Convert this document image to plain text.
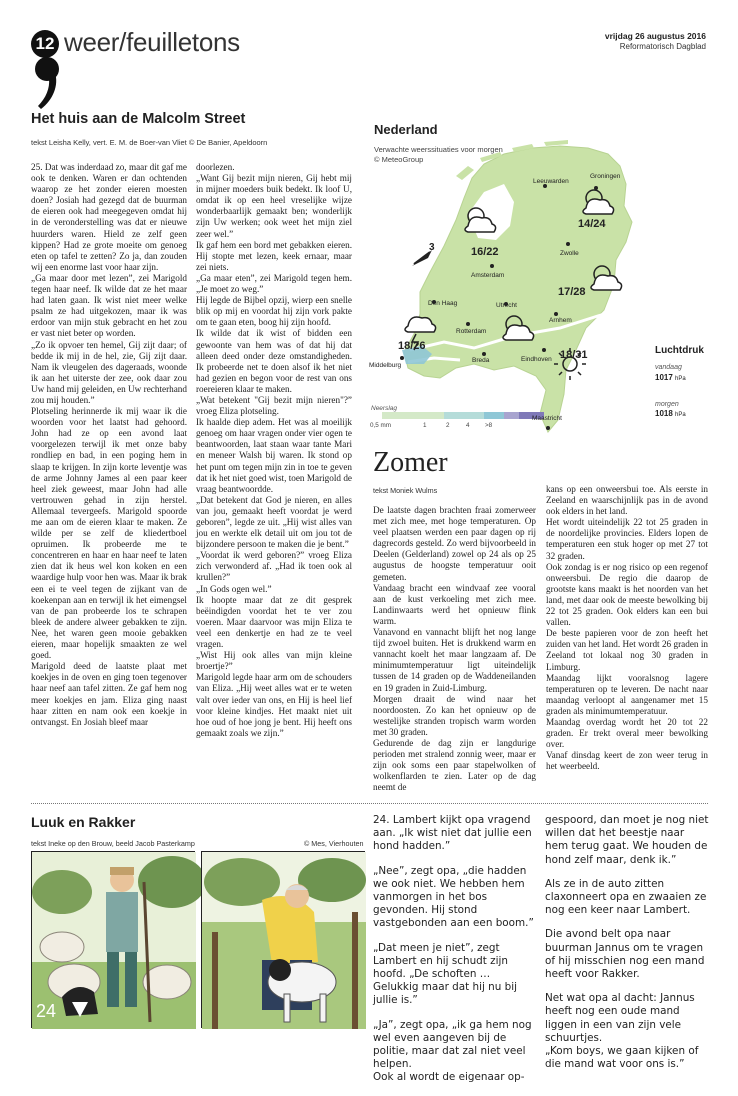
12 weer/feuilletons	vrijdag 26 augustus 2016
Reformatorisch Dagblad
Het huis aan de Malcolm Street
tekst Leisha Kelly, vert. E. M. de Boer-van Vliet © De Banier, Apeldoorn

25. Dat was inderdaad zo, maar dit gaf me ook te denken. Waren er dan ochtenden waarop ze het zonder eieren moesten doen? Josiah had gezegd dat de buurman de eieren ook had meegegeven omdat hij in de veronderstelling was dat er nieuwe huurders waren. Hield ze zelf geen kippen? Had ze grote moeite om genoeg eten op tafel te zetten? Zo ja, dan zouden wij een enorme last voor haar zijn.

„Ga maar door met lezen”, zei Marigold tegen haar neef. Ik wilde dat ze het maar had laten gaan. Ik wist niet meer welke psalm ze had uitgekozen, maar ik was erdoor van mijn stuk gebracht en het zou er vast niet beter op worden.

„Zo ik opvoer ten hemel, Gij zijt daar; of bedde ik mij in de hel, zie, Gij zijt daar. Nam ik vleugelen des dageraads, woonde ik aan het uiterste der zee, ook daar zou Uw hand mij geleiden, en Uw rechterhand zou mij houden.”

Plotseling herinnerde ik mij waar ik die woorden voor het laatst had gehoord. John had ze op een avond laat voorgelezen terwijl ik met onze baby rondliep en bad, in een poging hem in slaap te krijgen. In zijn korte leventje was de arme Johnny James al een paar keer heel ziek geweest, maar John had alle vertrouwen gehad in zijn herstel. Allemaal tevergeefs. Marigold spoorde me aan om de eieren klaar te maken. Ze wilde per se zelf de kliedertboel opruimen. Ik probeerde me te concentreren en haar en haar neef te laten zien dat ik heus wel kon koken en een waardige hulp voor hen was. Maar ik brak een ei te veel tegen de zijkant van de koekenpan aan en terwijl ik het eimengsel van de pan probeerde los te schrapen bleek de andere alweer gebakken te zijn. Nee, het waren geen mooie gebakken eieren, maar hopelijk smaakten ze wel goed.

Marigold deed de laatste plaat met koekjes in de oven en ging toen tegenover haar neef aan tafel zitten. Ze gaf hem nog meer koekjes en jam. Eliza ging naast haar zitten en nam ook een koekje in ontvangst. En Josiah bleef maar

doorlezen.

„Want Gij bezit mijn nieren, Gij hebt mij in mijner moeders buik bedekt. Ik loof U, omdat ik op een heel vreselijke wijze wonderbaarlijk gemaakt ben; wonderlijk zijn Uw werken; ook weet het mijn ziel zeer wel.”

Ik gaf hem een bord met gebakken eieren. Hij stopte met lezen, keek ernaar, maar zei niets.

„Ga maar eten”, zei Marigold tegen hem. „Je moet zo weg.”

Hij legde de Bijbel opzij, wierp een snelle blik op mij en voordat hij zijn vork pakte om te gaan eten, boog hij zijn hoofd.

Ik wilde dat ik wist of bidden een gewoonte van hem was of dat hij dat alleen deed onder deze omstandigheden. Ik probeerde net te doen alsof ik het niet had gezien en begon voor de rest van ons roereieren klaar te maken.

„Wat betekent "Gij bezit mijn nieren"?” vroeg Eliza plotseling.

Ik haalde diep adem. Het was al moeilijk genoeg om haar vragen onder vier ogen te beantwoorden, laat staan waar tante Mari en meneer Walsh bij waren. Ik stond op het punt om tegen mijn zin in toe te geven dat ik het niet goed wist, toen Marigold de vraag beantwoordde.

„Dat betekent dat God je nieren, en alles van jou, gemaakt heeft voordat je werd geboren”, legde ze uit. „Hij wist alles van jou en werkte elk detail uit om jou tot de bijzondere persoon te maken die je bent.”

„Voordat ik werd geboren?” vroeg Eliza zich verwonderd af. „Had ik toen ook al krullen?”

„In Gods ogen wel.”

Ik hoopte maar dat ze dit gesprek beëindigden voordat het te ver zou voeren. Maar daarvoor was mijn Eliza te veel een denkertje en had ze te veel vragen.

„Wist Hij ook alles van mijn kleine broertje?”

Marigold legde haar arm om de schouders van Eliza. „Hij weet alles wat er te weten valt over ieder van ons, en Hij is heel lief voor kleine kindjes. Het maakt niet uit hoe oud of hoe jong je bent. Hij heeft ons gemaakt zoals we zijn.”

Nederland
Verwachte weerssituaties voor morgen
© MeteoGroup
3
Leeuwarden
Groningen
Zwolle
Amsterdam
Den Haag	Utrecht
Arnhem
Rotterdam
Breda	Eindhoven
Middelburg
Maastricht
16/22
14/24
17/28
18/26
18/31	Luchtdruk
vandaag
1017 hPa
morgen
1018 hPa
Neerslag
0,5 mm	1	2	4 >8
Zomer
tekst Moniek Wulms

De laatste dagen brachten fraai zomerweer met zich mee, met hoge temperaturen. Op veel plaatsen werden een paar dagen op rij dagrecords gesteld. Zo werd bijvoorbeeld in Deelen (Gelderland) zowel op 24 als op 25 augustus de hoogste temperatuur ooit gemeten.

Vandaag bracht een windvaaf zee vooral aan de kust verkoeling met zich mee. Landinwaarts werd het opnieuw flink warm.

Vanavond en vannacht blijft het nog lange tijd zwoel buiten. Het is drukkend warm en vannacht koelt het maar langzaam af. De minimumtemperatuur ligt uiteindelijk tussen de 14 graden op de Waddeneilanden en 19 graden in Zuid-Limburg.

Morgen draait de wind naar het noordoosten. Zo kan het opnieuw op de westelijke stranden tropisch warm worden met 30 graden.

Gedurende de dag zijn er langdurige perioden met stralend zonnig weer, maar er zijn ook soms een paar stapelwolken of wolkenflarden te zien. Later op de dag neemt de

kans op een onweersbui toe. Als eerste in Zeeland en waarschijnlijk pas in de avond ook elders in het land.

Het wordt uiteindelijk 22 tot 25 graden in de noordelijke provincies. Elders lopen de temperaturen een stuk hoger op met 27 tot 32 graden.

Ook zondag is er nog risico op een regenof onweersbui. De regio die daarop de grootste kans maakt is het noorden van het land, met daar ook de meeste bewolking bij 22 tot 25 graden. Ook elders kan een bui vallen.

De beste papieren voor de zon heeft het zuiden van het land. Het wordt 26 graden in Zeeland tot lokaal nog 30 graden in Limburg.

Maandag lijkt vooralsnog lagere temperaturen op te leveren. De nacht naar maandag verloopt al aangenamer met 15 graden als minimumtemperatuur.

Maandag overdag wordt het 20 tot 22 graden. Er trekt overal meer bewolking over.

Vanaf dinsdag keert de zon weer terug in het weerbeeld.

Luuk en Rakker
tekst Ineke op den Brouw, beeld Jacob Pasterkamp	© Mes, Vierhouten
24

24. Lambert kijkt opa vragend aan. „Ik wist niet dat jullie een hond hadden.”

„Nee”, zegt opa, „die hadden we ook niet. We hebben hem vanmorgen in het bos gevonden. Hij stond vastgebonden aan een boom.”

„Dat meen je niet”, zegt Lambert en hij schudt zijn hoofd. „De schoften … Gelukkig maar dat hij nu bij jullie is.”

„Ja”, zegt opa, „ik ga hem nog wel even aangeven bij de politie, maar dat zal niet veel helpen.

Ook al wordt de eigenaar op-

gespoord, dan moet je nog niet willen dat het beestje naar hem terug gaat. We houden de hond zelf maar, denk ik.”

Als ze in de auto zitten claxonneert opa en zwaaien ze nog een keer naar Lambert.

Die avond belt opa naar buurman Jannus om te vragen of hij misschien nog een mand heeft voor Rakker.

Net wat opa al dacht: Jannus heeft nog een oude mand liggen in een van zijn vele schuurtjes.

„Kom boys, we gaan kijken of die mand wat voor ons is.”
